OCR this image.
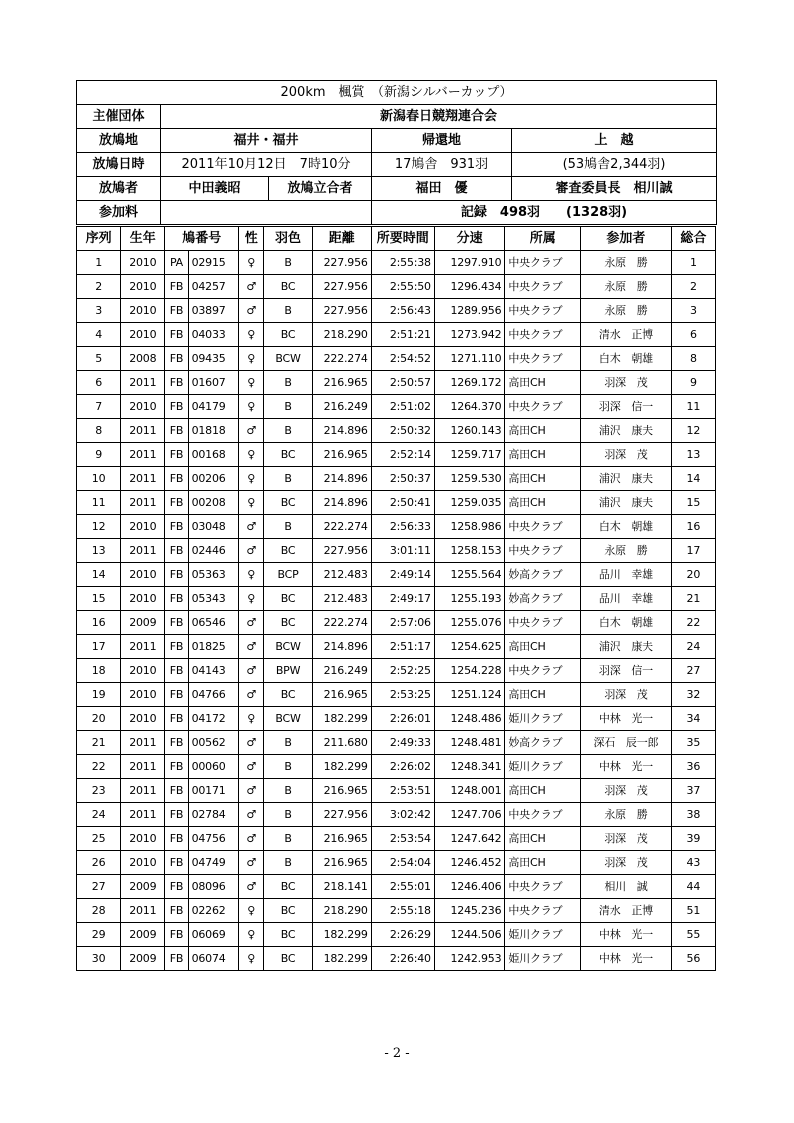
200km　楓賞　（新潟シルバーカップ）				
主催団体	新潟春日競翔連合会			
放鳩地	福井・福井		帰還地	上　越
放鳩日時	2011年10月12日　7時10分		17鳩舎　931羽	(53鳩舎2,344羽)
放鳩者	中田義昭	放鳩立合者	福田　優	審査委員長　相川誠
参加料			記録　498羽　　(1328羽)	
序列	生年	鳩番号		性	羽色	距離	所要時間	分速	所属	参加者	総合
1	2010	PA	02915	♀	B	227.956	2:55:38	1297.910	中央クラブ	永原　勝	1
2	2010	FB	04257	♂	BC	227.956	2:55:50	1296.434	中央クラブ	永原　勝	2
3	2010	FB	03897	♂	B	227.956	2:56:43	1289.956	中央クラブ	永原　勝	3
4	2010	FB	04033	♀	BC	218.290	2:51:21	1273.942	中央クラブ	清水　正博	6
5	2008	FB	09435	♀	BCW	222.274	2:54:52	1271.110	中央クラブ	白木　朝雄	8
6	2011	FB	01607	♀	B	216.965	2:50:57	1269.172	高田CH	羽深　茂	9
7	2010	FB	04179	♀	B	216.249	2:51:02	1264.370	中央クラブ	羽深　信一	11
8	2011	FB	01818	♂	B	214.896	2:50:32	1260.143	高田CH	浦沢　康夫	12
9	2011	FB	00168	♀	BC	216.965	2:52:14	1259.717	高田CH	羽深　茂	13
10	2011	FB	00206	♀	B	214.896	2:50:37	1259.530	高田CH	浦沢　康夫	14
11	2011	FB	00208	♀	BC	214.896	2:50:41	1259.035	高田CH	浦沢　康夫	15
12	2010	FB	03048	♂	B	222.274	2:56:33	1258.986	中央クラブ	白木　朝雄	16
13	2011	FB	02446	♂	BC	227.956	3:01:11	1258.153	中央クラブ	永原　勝	17
14	2010	FB	05363	♀	BCP	212.483	2:49:14	1255.564	妙高クラブ	品川　幸雄	20
15	2010	FB	05343	♀	BC	212.483	2:49:17	1255.193	妙高クラブ	品川　幸雄	21
16	2009	FB	06546	♂	BC	222.274	2:57:06	1255.076	中央クラブ	白木　朝雄	22
17	2011	FB	01825	♂	BCW	214.896	2:51:17	1254.625	高田CH	浦沢　康夫	24
18	2010	FB	04143	♂	BPW	216.249	2:52:25	1254.228	中央クラブ	羽深　信一	27
19	2010	FB	04766	♂	BC	216.965	2:53:25	1251.124	高田CH	羽深　茂	32
20	2010	FB	04172	♀	BCW	182.299	2:26:01	1248.486	姫川クラブ	中林　光一	34
21	2011	FB	00562	♂	B	211.680	2:49:33	1248.481	妙高クラブ	深石　辰一郎	35
22	2011	FB	00060	♂	B	182.299	2:26:02	1248.341	姫川クラブ	中林　光一	36
23	2011	FB	00171	♂	B	216.965	2:53:51	1248.001	高田CH	羽深　茂	37
24	2011	FB	02784	♂	B	227.956	3:02:42	1247.706	中央クラブ	永原　勝	38
25	2010	FB	04756	♂	B	216.965	2:53:54	1247.642	高田CH	羽深　茂	39
26	2010	FB	04749	♂	B	216.965	2:54:04	1246.452	高田CH	羽深　茂	43
27	2009	FB	08096	♂	BC	218.141	2:55:01	1246.406	中央クラブ	相川　誠	44
28	2011	FB	02262	♀	BC	218.290	2:55:18	1245.236	中央クラブ	清水　正博	51
29	2009	FB	06069	♀	BC	182.299	2:26:29	1244.506	姫川クラブ	中林　光一	55
30	2009	FB	06074	♀	BC	182.299	2:26:40	1242.953	姫川クラブ	中林　光一	56
- 2 -
